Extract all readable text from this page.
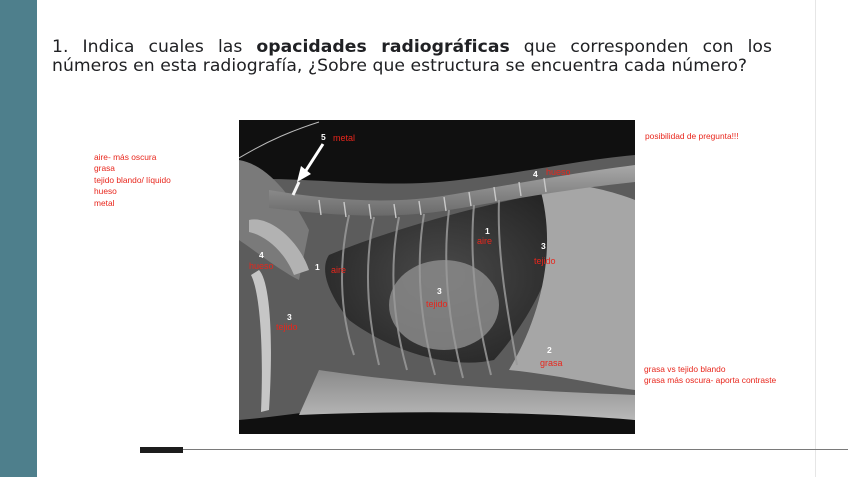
1. Indica cuales las opacidades radiográficas que corresponden con los números en esta radiografía, ¿Sobre que estructura se encuentra cada número?
aire- más oscura
grasa
tejido blando/ líquido
hueso
metal
posibilidad de pregunta!!!
grasa vs tejido blando
grasa más oscura- aporta contraste
5 metal
4
hueso
4 hueso
1 aire
1
aire
3
tejido
3
tejido
3
tejido
2
grasa
